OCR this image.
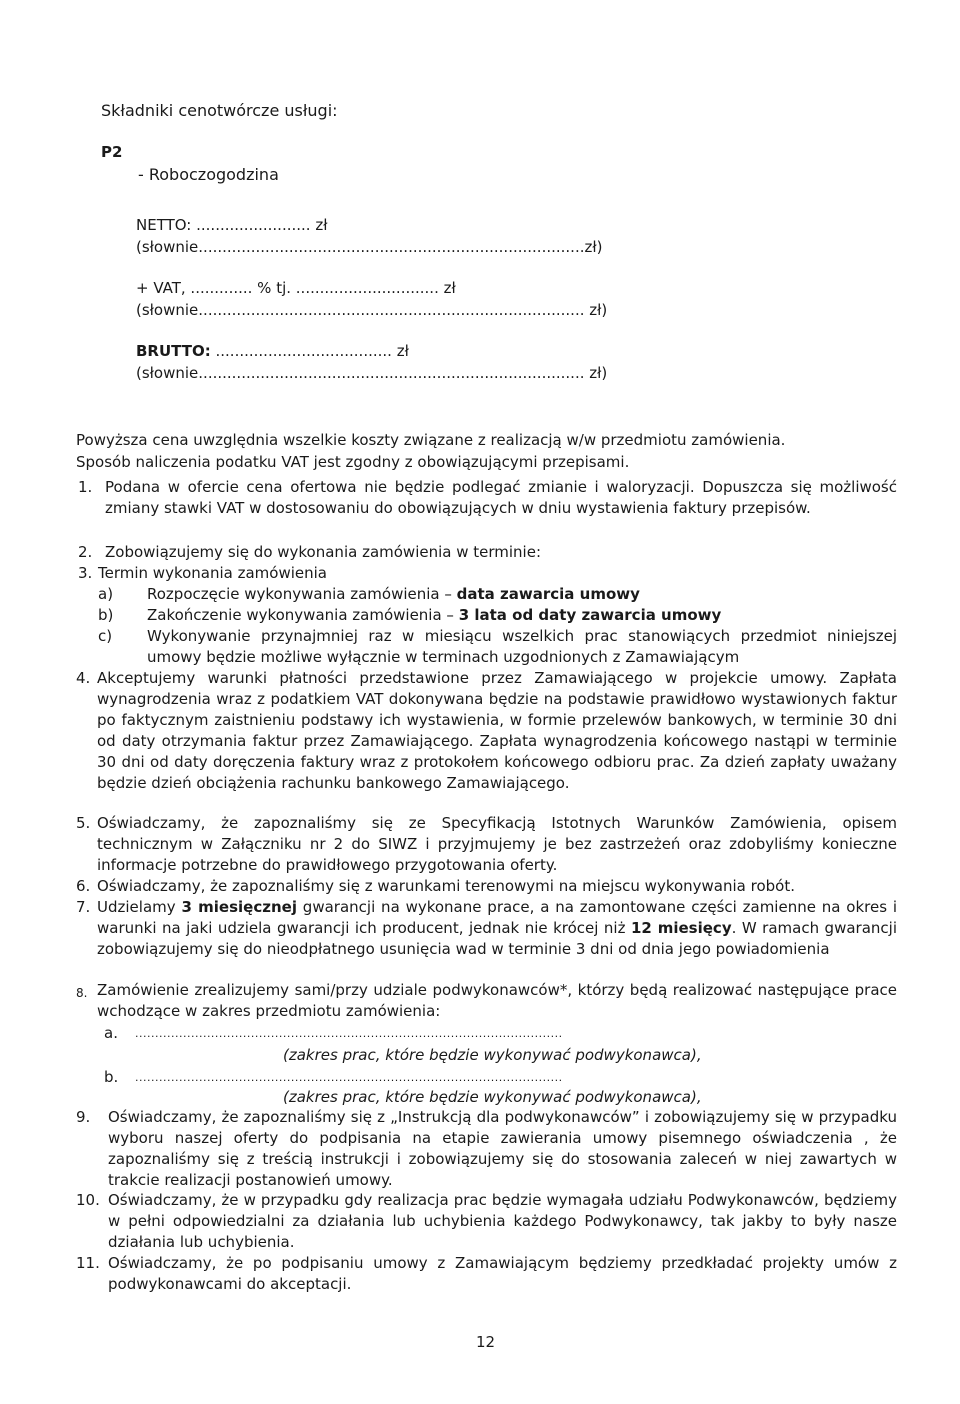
Składniki cenotwórcze usługi:
P2
- Roboczogodzina
NETTO: ........................ zł
(słownie.................................................................................zł)
+ VAT, ............. % tj. .............................. zł
(słownie................................................................................. zł)
BRUTTO: ..................................... zł
(słownie................................................................................. zł)
Powyższa cena uwzględnia wszelkie koszty związane z realizacją w/w przedmiotu zamówienia.
Sposób naliczenia podatku VAT jest zgodny z obowiązującymi przepisami.
1. Podana w ofercie cena ofertowa nie będzie podlegać zmianie i waloryzacji. Dopuszcza się możliwość zmiany stawki VAT w dostosowaniu do obowiązujących w dniu wystawienia faktury przepisów.
2. Zobowiązujemy się do wykonania zamówienia w terminie:
3. Termin wykonania zamówienia
a) Rozpoczęcie wykonywania zamówienia – data zawarcia umowy
b) Zakończenie wykonywania zamówienia – 3 lata od daty zawarcia umowy
c) Wykonywanie przynajmniej raz w miesiącu wszelkich prac stanowiących przedmiot niniejszej umowy będzie możliwe wyłącznie w terminach uzgodnionych z Zamawiającym
4. Akceptujemy warunki płatności przedstawione przez Zamawiającego w projekcie umowy. Zapłata wynagrodzenia wraz z podatkiem VAT dokonywana będzie na podstawie prawidłowo wystawionych faktur po faktycznym zaistnieniu podstawy ich wystawienia, w formie przelewów bankowych, w terminie 30 dni od daty otrzymania faktur przez Zamawiającego. Zapłata wynagrodzenia końcowego nastąpi w terminie 30 dni od daty doręczenia faktury wraz z protokołem końcowego odbioru prac. Za dzień zapłaty uważany będzie dzień obciążenia rachunku bankowego Zamawiającego.
5. Oświadczamy, że zapoznaliśmy się ze Specyfikacją Istotnych Warunków Zamówienia, opisem technicznym w Załączniku nr 2 do SIWZ i przyjmujemy je bez zastrzeżeń oraz zdobyliśmy konieczne informacje potrzebne do prawidłowego przygotowania oferty.
6. Oświadczamy, że zapoznaliśmy się z warunkami terenowymi na miejscu wykonywania robót.
7. Udzielamy 3 miesięcznej gwarancji na wykonane prace, a na zamontowane części zamienne na okres i warunki na jaki udziela gwarancji ich producent, jednak nie krócej niż 12 miesięcy. W ramach gwarancji zobowiązujemy się do nieodpłatnego usunięcia wad w terminie 3 dni od dnia jego powiadomienia
8. Zamówienie zrealizujemy sami/przy udziale podwykonawców*, którzy będą realizować następujące prace wchodzące w zakres przedmiotu zamówienia:
a. ...........................................................................................................
(zakres prac, które będzie wykonywać podwykonawca),
b. ...........................................................................................................
(zakres prac, które będzie wykonywać podwykonawca),
9. Oświadczamy, że zapoznaliśmy się z „Instrukcją dla podwykonawców” i zobowiązujemy się w przypadku wyboru naszej oferty do podpisania na etapie zawierania umowy pisemnego oświadczenia , że zapoznaliśmy się z treścią instrukcji i zobowiązujemy się do stosowania zaleceń w niej zawartych w trakcie realizacji postanowień umowy.
10. Oświadczamy, że w przypadku gdy realizacja prac będzie wymagała udziału Podwykonawców, będziemy w pełni odpowiedzialni za działania lub uchybienia każdego Podwykonawcy, tak jakby to były nasze działania lub uchybienia.
11. Oświadczamy, że po podpisaniu umowy z Zamawiającym będziemy przedkładać projekty umów z podwykonawcami do akceptacji.
12
